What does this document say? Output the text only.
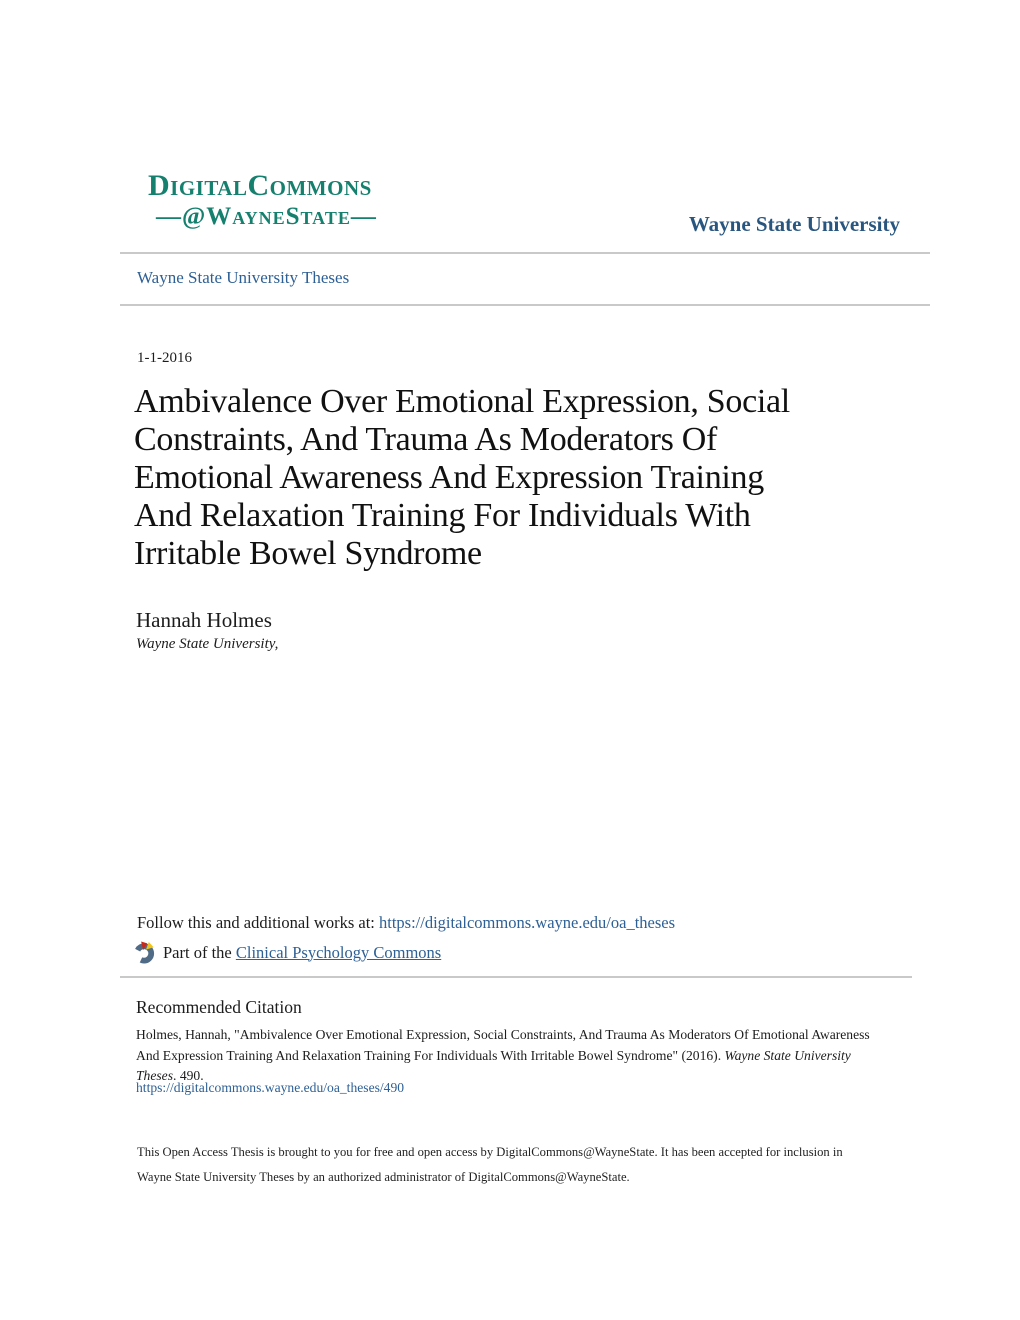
DigitalCommons
—@WayneState—	Wayne State University
Wayne State University Theses
1-1-2016
Ambivalence Over Emotional Expression, Social
Constraints, And Trauma As Moderators Of
Emotional Awareness And Expression Training
And Relaxation Training For Individuals With
Irritable Bowel Syndrome
Hannah Holmes
Wayne State University,
Follow this and additional works at: https://digitalcommons.wayne.edu/oa_theses
Part of the
Clinical Psychology Commons
Recommended Citation
Holmes, Hannah, "Ambivalence Over Emotional Expression, Social Constraints, And Trauma As Moderators Of Emotional Awareness And Expression Training And Relaxation Training For Individuals With Irritable Bowel Syndrome" (2016). Wayne State University Theses. 490.
https://digitalcommons.wayne.edu/oa_theses/490
This Open Access Thesis is brought to you for free and open access by DigitalCommons@WayneState. It has been accepted for inclusion in Wayne State University Theses by an authorized administrator of DigitalCommons@WayneState.
